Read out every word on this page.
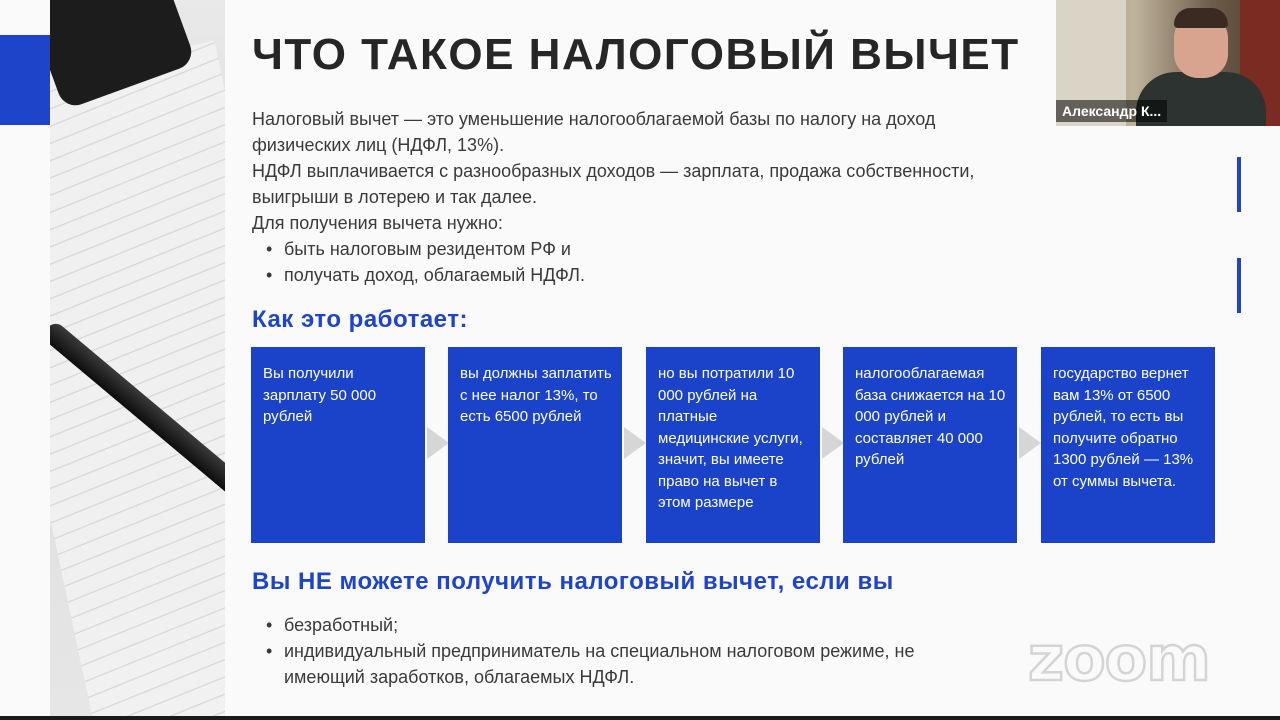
ЧТО ТАКОЕ НАЛОГОВЫЙ ВЫЧЕТ

Налоговый вычет — это уменьшение налогооблагаемой базы по налогу на доход физических лиц (НДФЛ, 13%).

НДФЛ выплачивается с разнообразных доходов — зарплата, продажа собственности, выигрыши в лотерею и так далее.

Для получения вычета нужно:

• быть налоговым резидентом РФ и
• получать доход, облагаемый НДФЛ.
Как это работает:
Вы получили зарплату 50 000 рублей
вы должны заплатить с нее налог 13%, то есть 6500 рублей
но вы потратили 10 000 рублей на платные медицинские услуги, значит, вы имеете право на вычет в этом размере
налогооблагаемая база снижается на 10 000 рублей и составляет 40 000 рублей
государство вернет вам 13% от 6500 рублей, то есть вы получите обратно 1300 рублей — 13% от суммы вычета.
Вы НЕ можете получить налоговый вычет, если вы
• безработный;
• индивидуальный предприниматель на специальном налоговом режиме, не имеющий заработков, облагаемых НДФЛ.	zoom
Александр К...
